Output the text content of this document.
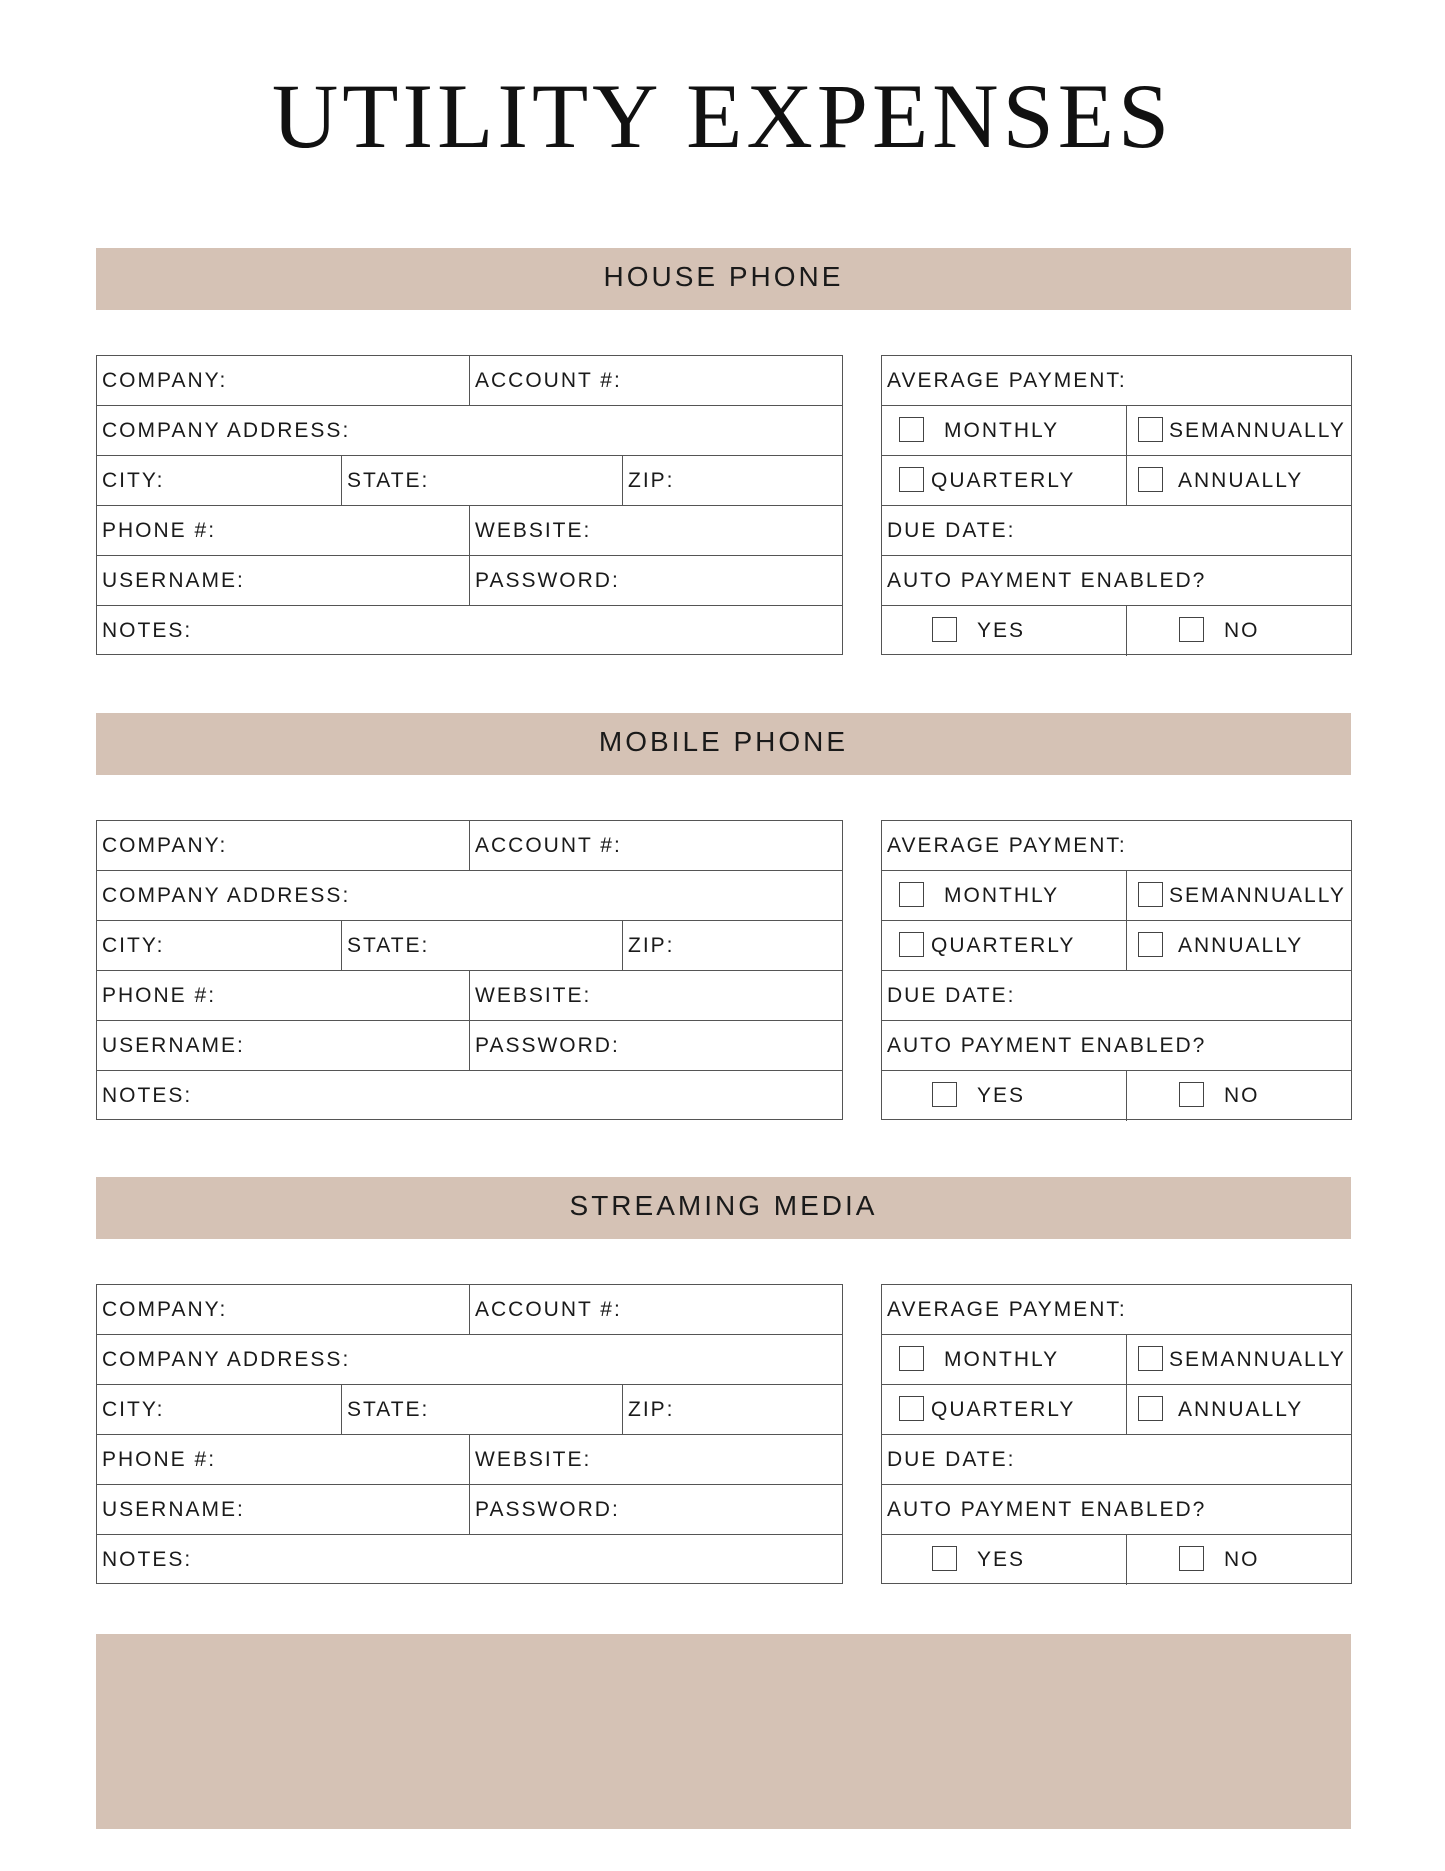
UTILITY EXPENSES
HOUSE PHONE
COMPANY:	ACCOUNT #:
COMPANY ADDRESS:
CITY:	STATE:	ZIP:
PHONE #:	WEBSITE:
USERNAME:	PASSWORD:
NOTES:
AVERAGE PAYMENT:
MONTHLY	SEMANNUALLY
QUARTERLY	ANNUALLY
DUE DATE:
AUTO PAYMENT ENABLED?
YES	NO
MOBILE PHONE
COMPANY:	ACCOUNT #:
COMPANY ADDRESS:
CITY:	STATE:	ZIP:
PHONE #:	WEBSITE:
USERNAME:	PASSWORD:
NOTES:
AVERAGE PAYMENT:
MONTHLY	SEMANNUALLY
QUARTERLY	ANNUALLY
DUE DATE:
AUTO PAYMENT ENABLED?
YES	NO
STREAMING MEDIA
COMPANY:	ACCOUNT #:
COMPANY ADDRESS:
CITY:	STATE:	ZIP:
PHONE #:	WEBSITE:
USERNAME:	PASSWORD:
NOTES:
AVERAGE PAYMENT:
MONTHLY	SEMANNUALLY
QUARTERLY	ANNUALLY
DUE DATE:
AUTO PAYMENT ENABLED?
YES	NO
